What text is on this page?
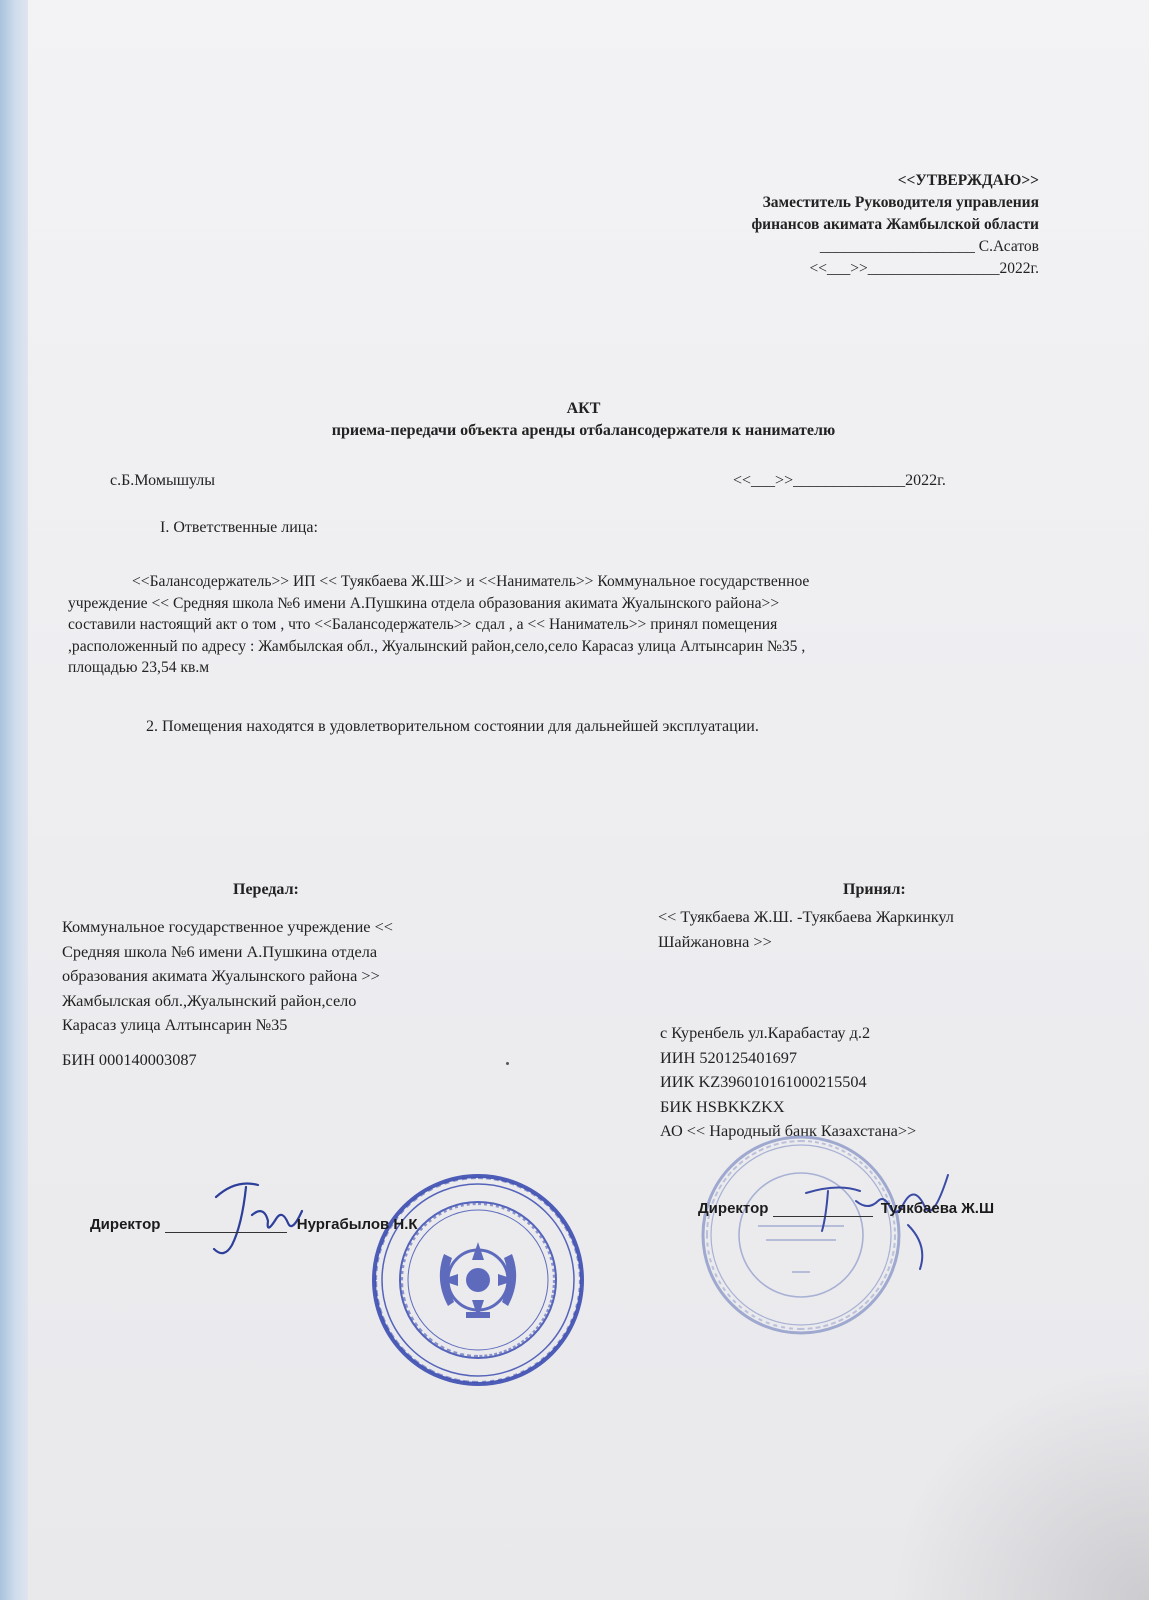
<<УТВЕРЖДАЮ>>
Заместитель Руководителя управления
финансов акимата Жамбылской области
____________________ С.Асатов
<<___>>_________________2022г.
АКТ
приема-передачи объекта аренды отбалансодержателя к нанимателю
с.Б.Момышулы	<<___>>______________2022г.
I. Ответственные лица:
<<Балансодержатель>> ИП << Туякбаева Ж.Ш>> и <<Наниматель>> Коммунальное государственное
учреждение << Средняя школа №6 имени А.Пушкина отдела образования акимата Жуалынского района>>
составили настоящий акт о том , что <<Балансодержатель>> сдал , а << Наниматель>> принял помещения
,расположенный по адресу : Жамбылская обл., Жуалынский район,село,село Карасаз улица Алтынсарин №35 ,
площадью 23,54 кв.м
2. Помещения находятся в удовлетворительном состоянии для дальнейшей эксплуатации.
Передал:	Принял:
Коммунальное государственное учреждение <<
Средняя школа №6 имени А.Пушкина отдела
образования акимата Жуалынского района >>
Жамбылская обл.,Жуалынский район,село
Карасаз улица Алтынсарин №35
БИН 000140003087
<< Туякбаева Ж.Ш. -Туякбаева Жаркинкул
Шайжановна >>
с Куренбель ул.Карабастау д.2
ИИН 520125401697
ИИК KZ396010161000215504
БИК HSBKKZKX
АО << Народный банк Казахстана>>
Директор	Нургабылов Н.К
Директор	Туякбаева Ж.Ш
